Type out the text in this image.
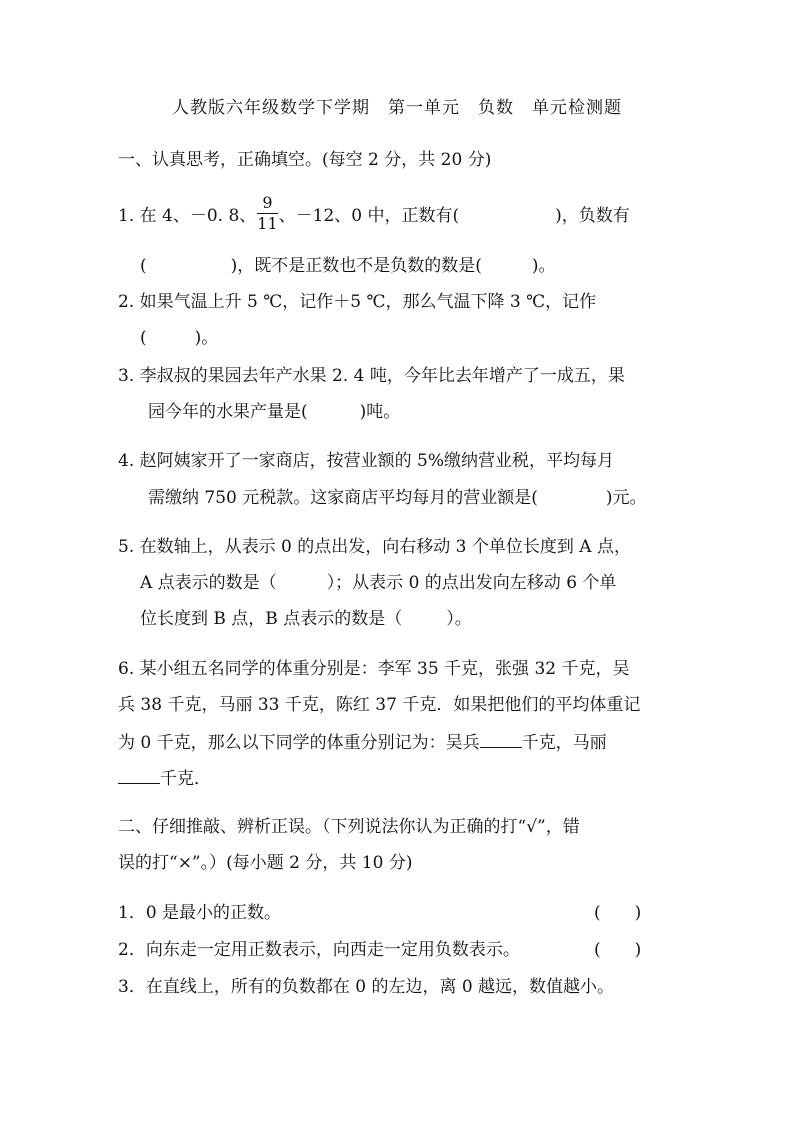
人教版六年级数学下学期　第一单元　负数　单元检测题
一、认真思考，正确填空。(每空 2 分，共 20 分)
1. 在 4、－0. 8、 $\frac{9}{11}$ 、－12、0 中，正数有(	)，负数有
(	)，既不是正数也不是负数的数是(	)。
2. 如果气温上升 5 ℃，记作＋5 ℃，那么气温下降 3 ℃，记作
(	)。
3. 李叔叔的果园去年产水果 2. 4 吨，今年比去年增产了一成五，果
园今年的水果产量是(	)吨。
4. 赵阿姨家开了一家商店，按营业额的 5%缴纳营业税，平均每月
需缴纳 750 元税款。这家商店平均每月的营业额是(	)元。
5. 在数轴上，从表示 0 的点出发，向右移动 3 个单位长度到 A 点，
A 点表示的数是（	）；从表示 0 的点出发向左移动 6 个单
位长度到 B 点，B 点表示的数是（	）。
6. 某小组五名同学的体重分别是：李军 35 千克，张强 32 千克，吴
兵 38 千克，马丽 33 千克，陈红 37 千克．如果把他们的平均体重记
为 0 千克，那么以下同学的体重分别记为：吴兵 千克，马丽
千克．
二、仔细推敲、辨析正误。（下列说法你认为正确的打“√”，错
误的打“×”。）(每小题 2 分，共 10 分)
1．0 是最小的正数。	(　　)
2．向东走一定用正数表示，向西走一定用负数表示。	(　　)
3．在直线上，所有的负数都在 0 的左边，离 0 越远，数值越小。
